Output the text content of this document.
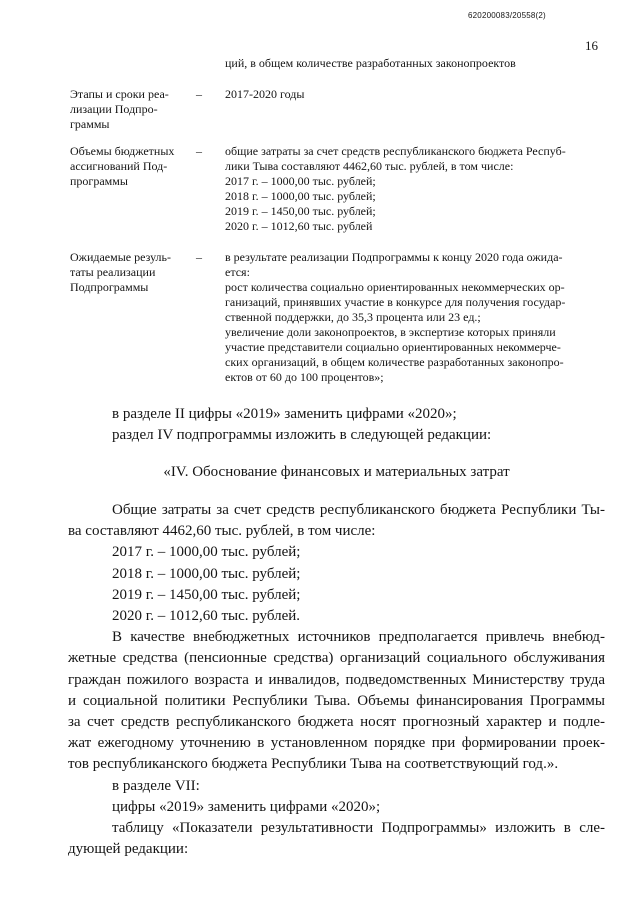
620200083/20558(2)
16
ций, в общем количестве разработанных законопроектов
Этапы и сроки реа-
лизации Подпро-
граммы
– 2017-2020 годы

Объемы бюджетных
ассигнований Под-
программы
– общие затраты за счет средств республиканского бюджета Респуб-

лики Тыва составляют 4462,60 тыс. рублей, в том числе:

2017 г. – 1000,00 тыс. рублей;

2018 г. – 1000,00 тыс. рублей;

2019 г. – 1450,00 тыс. рублей;

2020 г. – 1012,60 тыс. рублей

Ожидаемые резуль-
таты реализации
Подпрограммы
– в результате реализации Подпрограммы к концу 2020 года ожида-

ется:

рост количества социально ориентированных некоммерческих ор-

ганизаций, принявших участие в конкурсе для получения государ-

ственной поддержки, до 35,3 процента или 23 ед.;

увеличение доли законопроектов, в экспертизе которых приняли

участие представители социально ориентированных некоммерче-

ских организаций, в общем количестве разработанных законопро-

ектов от 60 до 100 процентов»;

в разделе II цифры «2019» заменить цифрами «2020»;

раздел IV подпрограммы изложить в следующей редакции:

«IV. Обоснование финансовых и материальных затрат

Общие затраты за счет средств республиканского бюджета Республики Ты-

ва составляют 4462,60 тыс. рублей, в том числе:

2017 г. – 1000,00 тыс. рублей;

2018 г. – 1000,00 тыс. рублей;

2019 г. – 1450,00 тыс. рублей;

2020 г. – 1012,60 тыс. рублей.

В качестве внебюджетных источников предполагается привлечь внебюд-

жетные средства (пенсионные средства) организаций социального обслуживания

граждан пожилого возраста и инвалидов, подведомственных Министерству труда

и социальной политики Республики Тыва. Объемы финансирования Программы

за счет средств республиканского бюджета носят прогнозный характер и подле-

жат ежегодному уточнению в установленном порядке при формировании проек-

тов республиканского бюджета Республики Тыва на соответствующий год.».

в разделе VII:

цифры «2019» заменить цифрами «2020»;

таблицу «Показатели результативности Подпрограммы» изложить в сле-

дующей редакции:
